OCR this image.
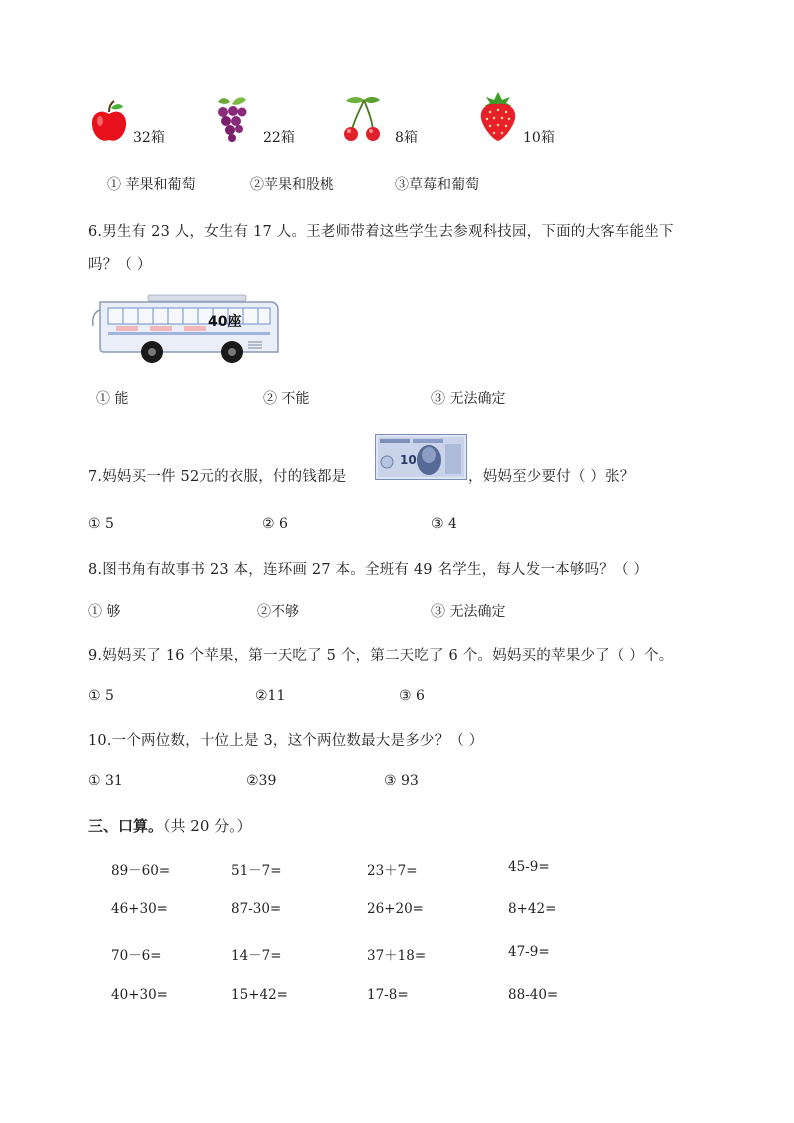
32箱	22箱	8箱	10箱
① 苹果和葡萄	②苹果和股桃	③草莓和葡萄
6.男生有 23 人，女生有 17 人。王老师带着这些学生去参观科技园，下面的大客车能坐下
吗？（ ）
40座
① 能	② 不能	③ 无法确定
7.妈妈买一件 52元的衣服，付的钱都是
10
，妈妈至少要付（ ）张？
① 5	② 6	③ 4
8.图书角有故事书 23 本，连环画 27 本。全班有 49 名学生，每人发一本够吗？（ ）
① 够	②不够	③ 无法确定
9.妈妈买了 16 个苹果，第一天吃了 5 个，第二天吃了 6 个。妈妈买的苹果少了（ ）个。
① 5	②11	③ 6
10.一个两位数，十位上是 3，这个两位数最大是多少？（ ）
① 31	②39	③ 93
三、口算。（共 20 分。）
89－60=	51－7=	23＋7=	45-9=
46+30=	87-30=	26+20=	8+42=
70－6=	14－7=	37＋18=	47-9=
40+30=	15+42=	17-8=	88-40=
